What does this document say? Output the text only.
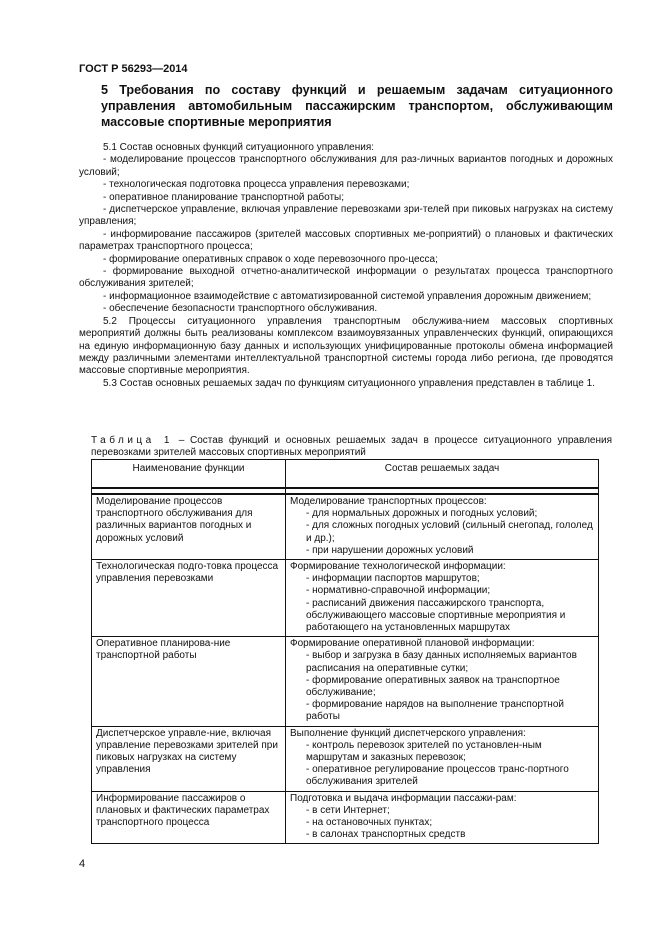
ГОСТ Р 56293—2014
5 Требования по составу функций и решаемым задачам ситуационного управления автомобильным пассажирским транспортом, обслуживающим массовые спортивные мероприятия

5.1 Состав основных функций ситуационного управления:

- моделирование процессов транспортного обслуживания для раз-личных вариантов погодных и дорожных условий;

- технологическая подготовка процесса управления перевозками;

- оперативное планирование транспортной работы;

- диспетчерское управление, включая управление перевозками зри-телей при пиковых нагрузках на систему управления;

- информирование пассажиров (зрителей массовых спортивных ме-роприятий) о плановых и фактических параметрах транспортного процесса;

- формирование оперативных справок о ходе перевозочного про-цесса;

- формирование выходной отчетно-аналитической информации о результатах процесса транспортного обслуживания зрителей;

- информационное взаимодействие с автоматизированной системой управления дорожным движением;

- обеспечение безопасности транспортного обслуживания.

5.2 Процессы ситуационного управления транспортным обслужива-нием массовых спортивных мероприятий должны быть реализованы комплексом взаимоувязанных управленческих функций, опирающихся на единую информационную базу данных и использующих унифицированные протоколы обмена информацией между различными элементами интеллектуальной транспортной системы города либо региона, где проводятся массовые спортивные мероприятия.

5.3 Состав основных решаемых задач по функциям ситуационного управления представлен в таблице 1.

Таблица 1 – Состав функций и основных решаемых задач в процессе ситуационного управления перевозками зрителей массовых спортивных мероприятий
Наименование функции	Состав решаемых задач

Моделирование процессов транспортного обслуживания для различных вариантов погодных и дорожных условий	Моделирование транспортных процессов:
- для нормальных дорожных и погодных условий;
- для сложных погодных условий (сильный снегопад, гололед и др.);
- при нарушении дорожных условий

Технологическая подго-товка процесса управления перевозками	Формирование технологической информации:
- информации паспортов маршрутов;
- нормативно-справочной информации;
- расписаний движения пассажирского транспорта, обслуживающего массовые спортивные мероприятия и работающего на установленных маршрутах

Оперативное планирова-ние транспортной работы	Формирование оперативной плановой информации:
- выбор и загрузка в базу данных исполняемых вариантов расписания на оперативные сутки;
- формирование оперативных заявок на транспортное обслуживание;
- формирование нарядов на выполнение транспортной работы

Диспетчерское управле-ние, включая управление перевозками зрителей при пиковых нагрузках на систему управления	Выполнение функций диспетчерского управления:
- контроль перевозок зрителей по установлен-ным маршрутам и заказных перевозок;
- оперативное регулирование процессов транс-портного обслуживания зрителей

Информирование пассажиров о плановых и фактических параметрах транспортного процесса	Подготовка и выдача информации пассажи-рам:
- в сети Интернет;
- на остановочных пунктах;
- в салонах транспортных средств
4
